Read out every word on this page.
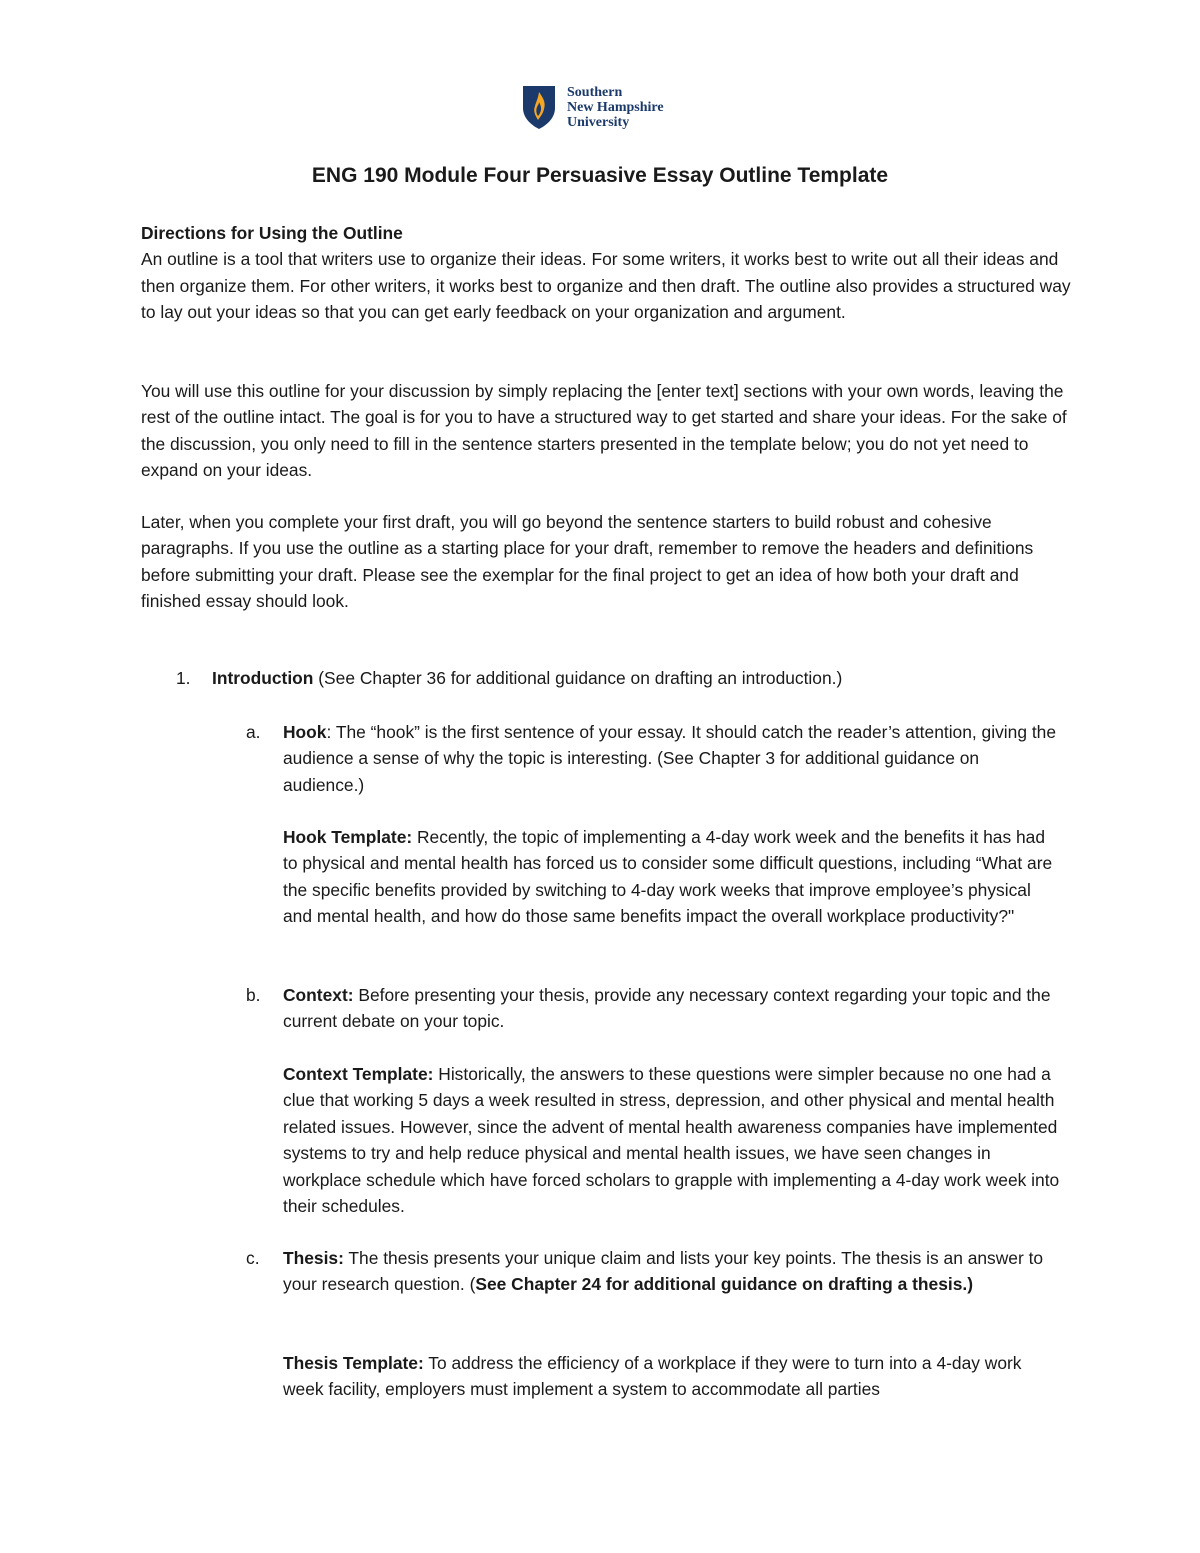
Southern
New Hampshire
University
ENG 190 Module Four Persuasive Essay Outline Template
Directions for Using the Outline

An outline is a tool that writers use to organize their ideas. For some writers, it works best to write out all their ideas and then organize them. For other writers, it works best to organize and then draft. The outline also provides a structured way to lay out your ideas so that you can get early feedback on your organization and argument.

You will use this outline for your discussion by simply replacing the [enter text] sections with your own words, leaving the rest of the outline intact. The goal is for you to have a structured way to get started and share your ideas. For the sake of the discussion, you only need to fill in the sentence starters presented in the template below; you do not yet need to expand on your ideas.

Later, when you complete your first draft, you will go beyond the sentence starters to build robust and cohesive paragraphs. If you use the outline as a starting place for your draft, remember to remove the headers and definitions before submitting your draft. Please see the exemplar for the final project to get an idea of how both your draft and finished essay should look.

1. Introduction (See Chapter 36 for additional guidance on drafting an introduction.)
a. Hook: The “hook” is the first sentence of your essay. It should catch the reader’s attention, giving the audience a sense of why the topic is interesting. (See Chapter 3 for additional guidance on audience.)
Hook Template: Recently, the topic of implementing a 4-day work week and the benefits it has had to physical and mental health has forced us to consider some difficult questions, including “What are the specific benefits provided by switching to 4-day work weeks that improve employee’s physical and mental health, and how do those same benefits impact the overall workplace productivity?"
b. Context: Before presenting your thesis, provide any necessary context regarding your topic and the current debate on your topic.
Context Template: Historically, the answers to these questions were simpler because no one had a clue that working 5 days a week resulted in stress, depression, and other physical and mental health related issues. However, since the advent of mental health awareness companies have implemented systems to try and help reduce physical and mental health issues, we have seen changes in workplace schedule which have forced scholars to grapple with implementing a 4-day work week into their schedules.
c. Thesis: The thesis presents your unique claim and lists your key points. The thesis is an answer to your research question. (See Chapter 24 for additional guidance on drafting a thesis.)
Thesis Template: To address the efficiency of a workplace if they were to turn into a 4-day work week facility, employers must implement a system to accommodate all parties
